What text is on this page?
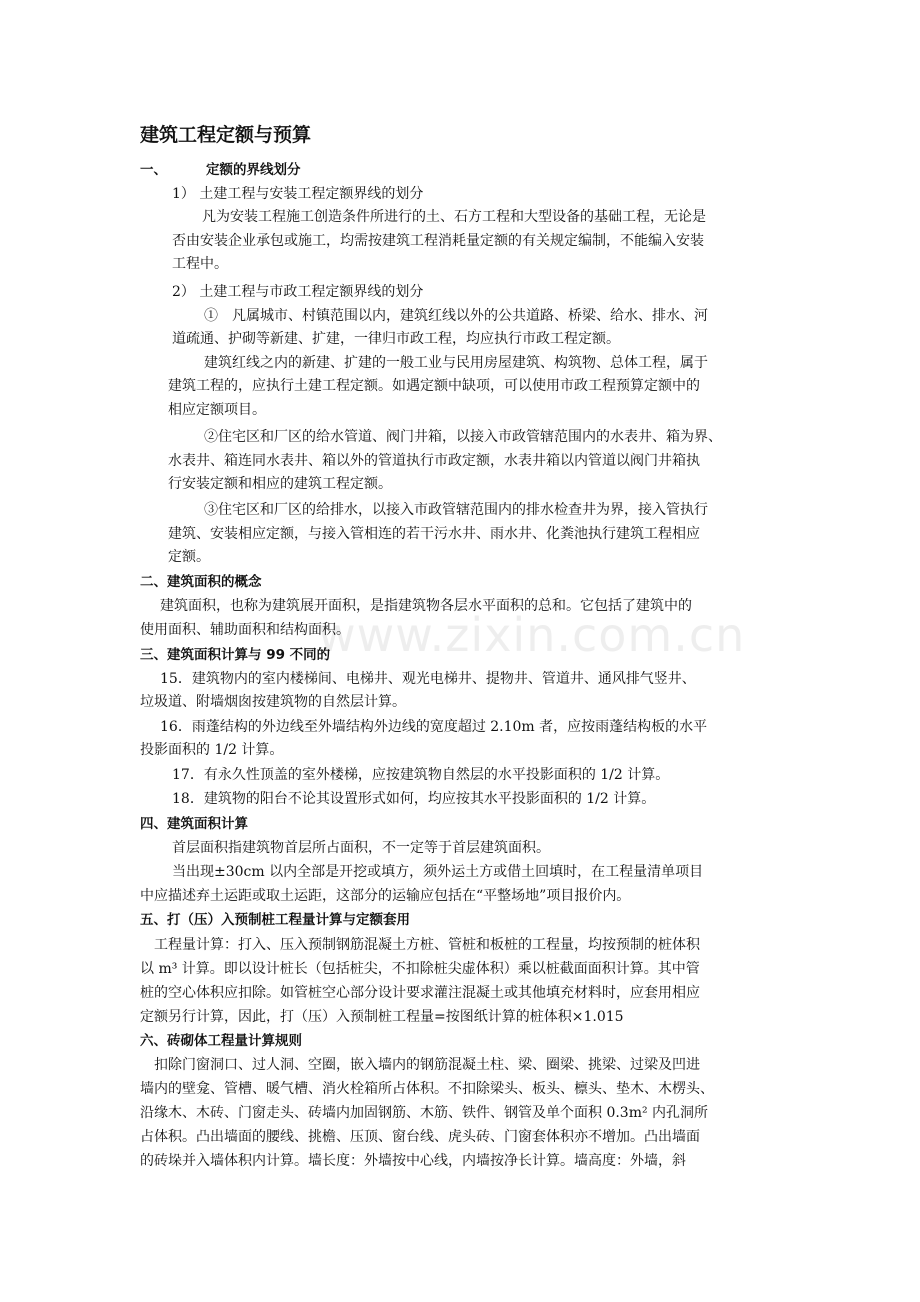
www.zixin.com.cn
建筑工程定额与预算
一、	定额的界线划分
1） 土建工程与安装工程定额界线的划分
凡为安装工程施工创造条件所进行的土、石方工程和大型设备的基础工程，无论是
否由安装企业承包或施工，均需按建筑工程消耗量定额的有关规定编制，不能编入安装
工程中。
2） 土建工程与市政工程定额界线的划分
①　凡属城市、村镇范围以内，建筑红线以外的公共道路、桥梁、给水、排水、河
道疏通、护砌等新建、扩建，一律归市政工程，均应执行市政工程定额。
建筑红线之内的新建、扩建的一般工业与民用房屋建筑、构筑物、总体工程，属于
建筑工程的，应执行土建工程定额。如遇定额中缺项，可以使用市政工程预算定额中的
相应定额项目。
②住宅区和厂区的给水管道、阀门井箱，以接入市政管辖范围内的水表井、箱为界、
水表井、箱连同水表井、箱以外的管道执行市政定额，水表井箱以内管道以阀门井箱执
行安装定额和相应的建筑工程定额。
③住宅区和厂区的给排水，以接入市政管辖范围内的排水检查井为界，接入管执行
建筑、安装相应定额，与接入管相连的若干污水井、雨水井、化粪池执行建筑工程相应
定额。
二、建筑面积的概念
建筑面积，也称为建筑展开面积，是指建筑物各层水平面积的总和。它包括了建筑中的
使用面积、辅助面积和结构面积。
三、建筑面积计算与 99 不同的
15．建筑物内的室内楼梯间、电梯井、观光电梯井、提物井、管道井、通风排气竖井、
垃圾道、附墙烟囱按建筑物的自然层计算。
16．雨蓬结构的外边线至外墙结构外边线的宽度超过 2.10m 者，应按雨蓬结构板的水平
投影面积的 1/2 计算。
17．有永久性顶盖的室外楼梯，应按建筑物自然层的水平投影面积的 1/2 计算。
18．建筑物的阳台不论其设置形式如何，均应按其水平投影面积的 1/2 计算。
四、建筑面积计算
首层面积指建筑物首层所占面积，不一定等于首层建筑面积。
当出现±30cm 以内全部是开挖或填方，须外运土方或借土回填时，在工程量清单项目
中应描述弃土运距或取土运距，这部分的运输应包括在“平整场地”项目报价内。
五、打（压）入预制桩工程量计算与定额套用
工程量计算：打入、压入预制钢筋混凝土方桩、管桩和板桩的工程量，均按预制的桩体积
以 m³ 计算。即以设计桩长（包括桩尖，不扣除桩尖虚体积）乘以桩截面面积计算。其中管
桩的空心体积应扣除。如管桩空心部分设计要求灌注混凝土或其他填充材料时，应套用相应
定额另行计算，因此，打（压）入预制桩工程量=按图纸计算的桩体积×1.015
六、砖砌体工程量计算规则
扣除门窗洞口、过人洞、空圈，嵌入墙内的钢筋混凝土柱、梁、圈梁、挑梁、过梁及凹进
墙内的壁龛、管槽、暖气槽、消火栓箱所占体积。不扣除梁头、板头、檩头、垫木、木楞头、
沿缘木、木砖、门窗走头、砖墙内加固钢筋、木筋、铁件、钢管及单个面积 0.3m² 内孔洞所
占体积。凸出墙面的腰线、挑檐、压顶、窗台线、虎头砖、门窗套体积亦不增加。凸出墙面
的砖垛并入墙体积内计算。墙长度：外墙按中心线，内墙按净长计算。墙高度：外墙，斜
